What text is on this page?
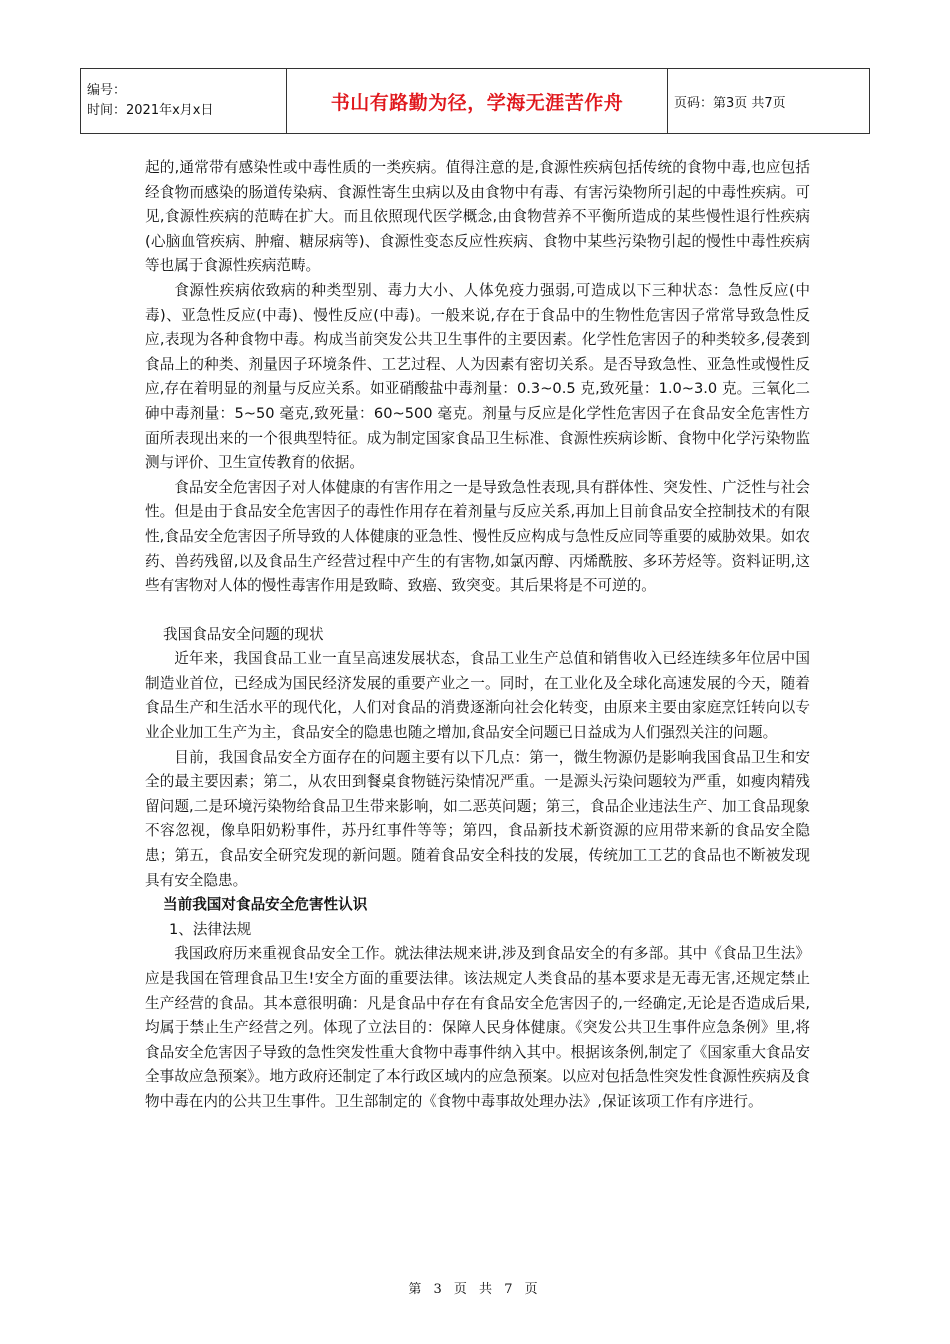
编号：
时间：2021年x月x日	书山有路勤为径，学海无涯苦作舟	页码：第3页 共7页

起的,通常带有感染性或中毒性质的一类疾病。值得注意的是,食源性疾病包括传统的食物中毒,也应包括经食物而感染的肠道传染病、食源性寄生虫病以及由食物中有毒、有害污染物所引起的中毒性疾病。可见,食源性疾病的范畴在扩大。而且依照现代医学概念,由食物营养不平衡所造成的某些慢性退行性疾病(心脑血管疾病、肿瘤、糖尿病等)、食源性变态反应性疾病、食物中某些污染物引起的慢性中毒性疾病等也属于食源性疾病范畴。

食源性疾病依致病的种类型别、毒力大小、人体免疫力强弱,可造成以下三种状态：急性反应(中毒)、亚急性反应(中毒)、慢性反应(中毒)。一般来说,存在于食品中的生物性危害因子常常导致急性反应,表现为各种食物中毒。构成当前突发公共卫生事件的主要因素。化学性危害因子的种类较多,侵袭到食品上的种类、剂量因子环境条件、工艺过程、人为因素有密切关系。是否导致急性、亚急性或慢性反应,存在着明显的剂量与反应关系。如亚硝酸盐中毒剂量：0.3~0.5 克,致死量：1.0~3.0 克。三氧化二砷中毒剂量：5~50 毫克,致死量：60~500 毫克。剂量与反应是化学性危害因子在食品安全危害性方面所表现出来的一个很典型特征。成为制定国家食品卫生标准、食源性疾病诊断、食物中化学污染物监测与评价、卫生宣传教育的依据。

食品安全危害因子对人体健康的有害作用之一是导致急性表现,具有群体性、突发性、广泛性与社会性。但是由于食品安全危害因子的毒性作用存在着剂量与反应关系,再加上目前食品安全控制技术的有限性,食品安全危害因子所导致的人体健康的亚急性、慢性反应构成与急性反应同等重要的威胁效果。如农药、兽药残留,以及食品生产经营过程中产生的有害物,如氯丙醇、丙烯酰胺、多环芳烃等。资料证明,这些有害物对人体的慢性毒害作用是致畸、致癌、致突变。其后果将是不可逆的。

我国食品安全问题的现状

近年来，我国食品工业一直呈高速发展状态，食品工业生产总值和销售收入已经连续多年位居中国制造业首位，已经成为国民经济发展的重要产业之一。同时，在工业化及全球化高速发展的今天，随着食品生产和生活水平的现代化，人们对食品的消费逐渐向社会化转变，由原来主要由家庭烹饪转向以专业企业加工生产为主，食品安全的隐患也随之增加,食品安全问题已日益成为人们强烈关注的问题。

目前，我国食品安全方面存在的问题主要有以下几点：第一，微生物源仍是影响我国食品卫生和安全的最主要因素；第二，从农田到餐桌食物链污染情况严重。一是源头污染问题较为严重，如瘦肉精残留问题,二是环境污染物给食品卫生带来影响，如二恶英问题；第三，食品企业违法生产、加工食品现象不容忽视，像阜阳奶粉事件，苏丹红事件等等；第四，食品新技术新资源的应用带来新的食品安全隐患；第五，食品安全研究发现的新问题。随着食品安全科技的发展，传统加工工艺的食品也不断被发现具有安全隐患。

当前我国对食品安全危害性认识

1、法律法规

我国政府历来重视食品安全工作。就法律法规来讲,涉及到食品安全的有多部。其中《食品卫生法》应是我国在管理食品卫生!安全方面的重要法律。该法规定人类食品的基本要求是无毒无害,还规定禁止生产经营的食品。其本意很明确：凡是食品中存在有食品安全危害因子的,一经确定,无论是否造成后果,均属于禁止生产经营之列。体现了立法目的：保障人民身体健康。《突发公共卫生事件应急条例》里,将食品安全危害因子导致的急性突发性重大食物中毒事件纳入其中。根据该条例,制定了《国家重大食品安全事故应急预案》。地方政府还制定了本行政区域内的应急预案。以应对包括急性突发性食源性疾病及食物中毒在内的公共卫生事件。卫生部制定的《食物中毒事故处理办法》,保证该项工作有序进行。

第 3 页 共 7 页
